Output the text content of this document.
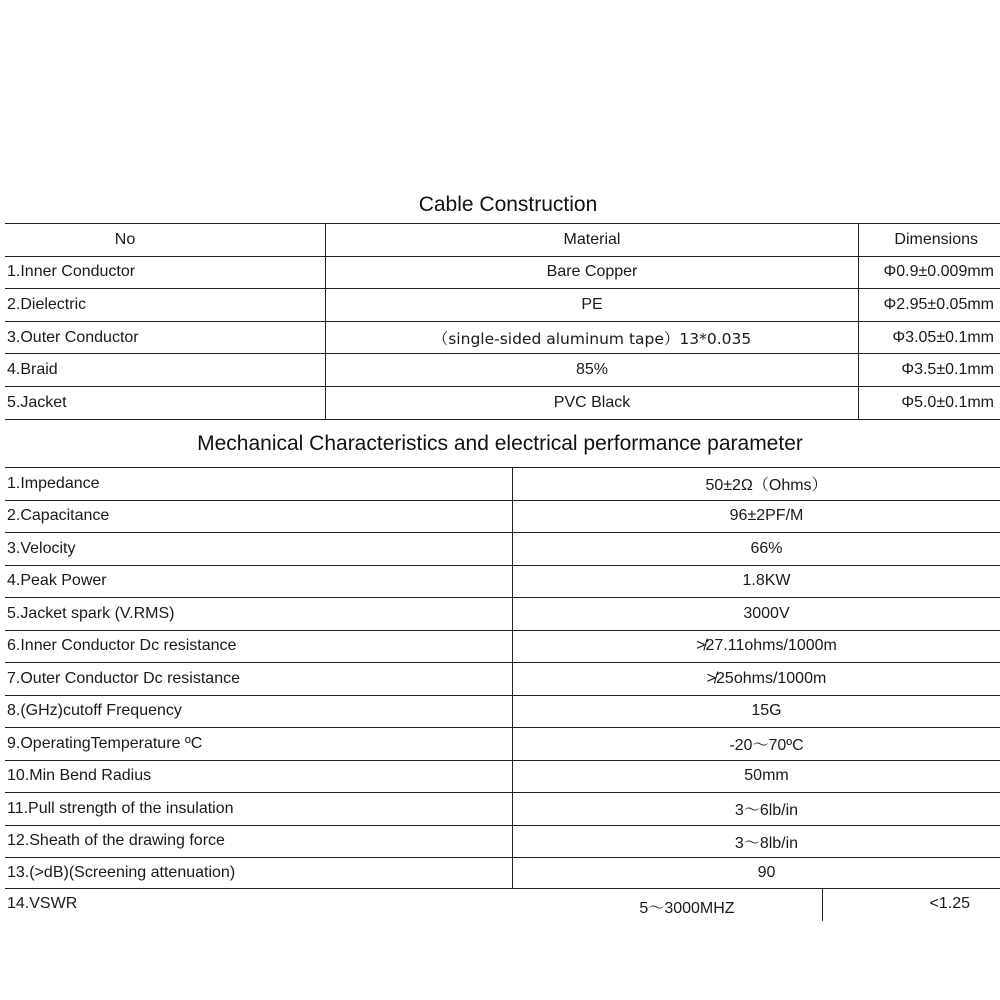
Cable Construction
No	Material	Dimensions
1.Inner Conductor	Bare Copper	Φ0.9±0.009mm
2.Dielectric	PE	Φ2.95±0.05mm
3.Outer Conductor	（single-sided aluminum tape）13*0.035	Φ3.05±0.1mm
4.Braid	85%	Φ3.5±0.1mm
5.Jacket	PVC Black	Φ5.0±0.1mm
Mechanical Characteristics and electrical performance parameter
1.Impedance	50±2Ω（Ohms）
2.Capacitance	96±2PF/M
3.Velocity	66%
4.Peak Power	1.8KW
5.Jacket spark (V.RMS)	3000V
6.Inner Conductor Dc resistance	≯27.11ohms/1000m
7.Outer Conductor Dc resistance	≯25ohms/1000m
8.(GHz)cutoff Frequency	15G
9.OperatingTemperature ºC	-20～70ºC
10.Min Bend Radius	50mm
11.Pull strength of the insulation	3～6lb/in
12.Sheath of the drawing force	3～8lb/in
13.(>dB)(Screening attenuation)	90
14.VSWR	5～3000MHZ <1.25
